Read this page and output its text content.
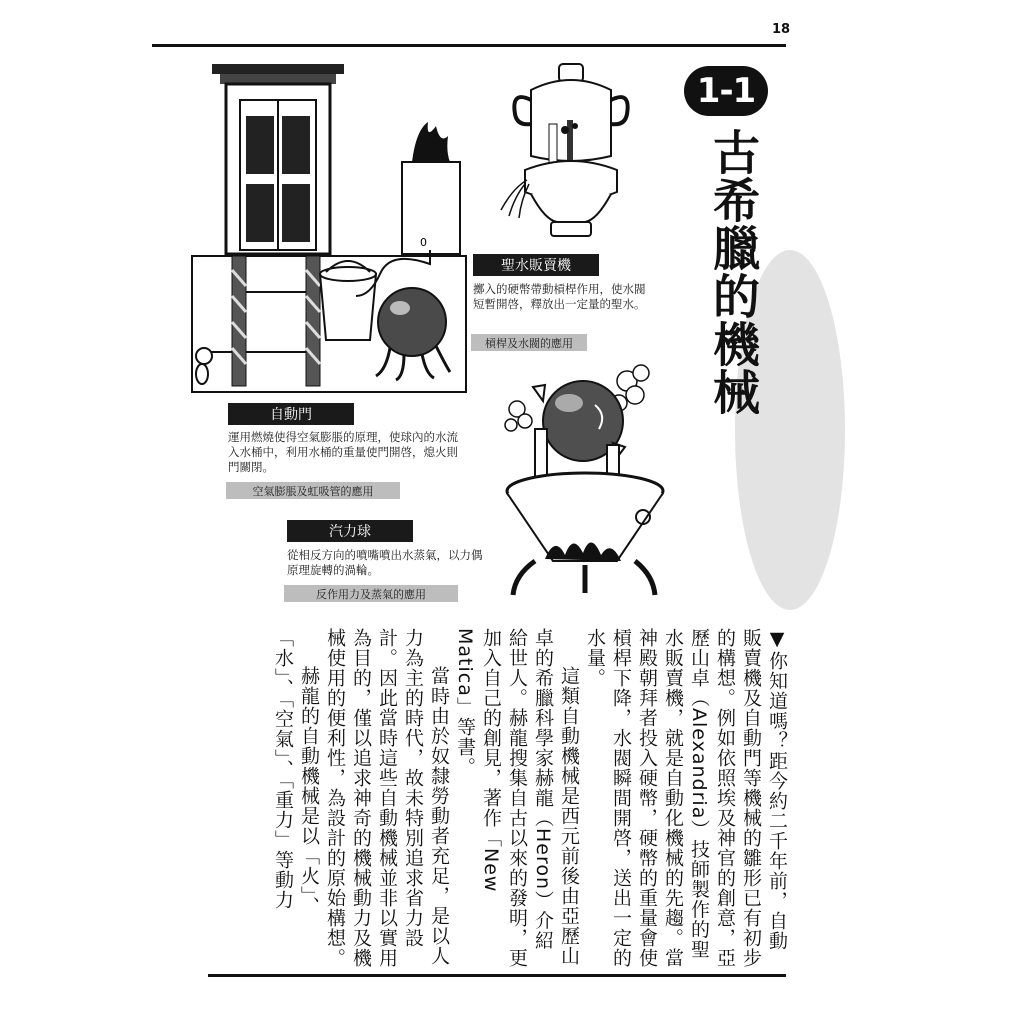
18
0
1-1
古希臘的機械
聖水販賣機
擲入的硬幣帶動槓桿作用，使水閥短暫開啓，釋放出一定量的聖水。
槓桿及水閥的應用
自動門
運用燃燒使得空氣膨脹的原理，使球內的水流入水桶中，利用水桶的重量使門開啓，熄火則門關閉。
空氣膨脹及虹吸管的應用
汽力球
從相反方向的噴嘴噴出水蒸氣，以力偶原理旋轉的渦輪。
反作用力及蒸氣的應用

▼你知道嗎？距今約二千年前，自動販賣機及自動門等機械的雛形已有初步的構想。例如依照埃及神官的創意，亞歷山卓（Alexandria）技師製作的聖水販賣機，就是自動化機械的先趨。當神殿朝拜者投入硬幣，硬幣的重量會使槓桿下降，水閥瞬間開啓，送出一定的水量。

這類自動機械是西元前後由亞歷山卓的希臘科學家赫龍（Heron）介紹給世人。赫龍搜集自古以來的發明，更加入自己的創見，著作「New Matica」等書。

當時由於奴隸勞動者充足，是以人力為主的時代，故未特別追求省力設計。因此當時這些自動機械並非以實用為目的，僅以追求神奇的機械動力及機械使用的便利性，為設計的原始構想。

赫龍的自動機械是以「火」、「水」、「空氣」、「重力」等動力
